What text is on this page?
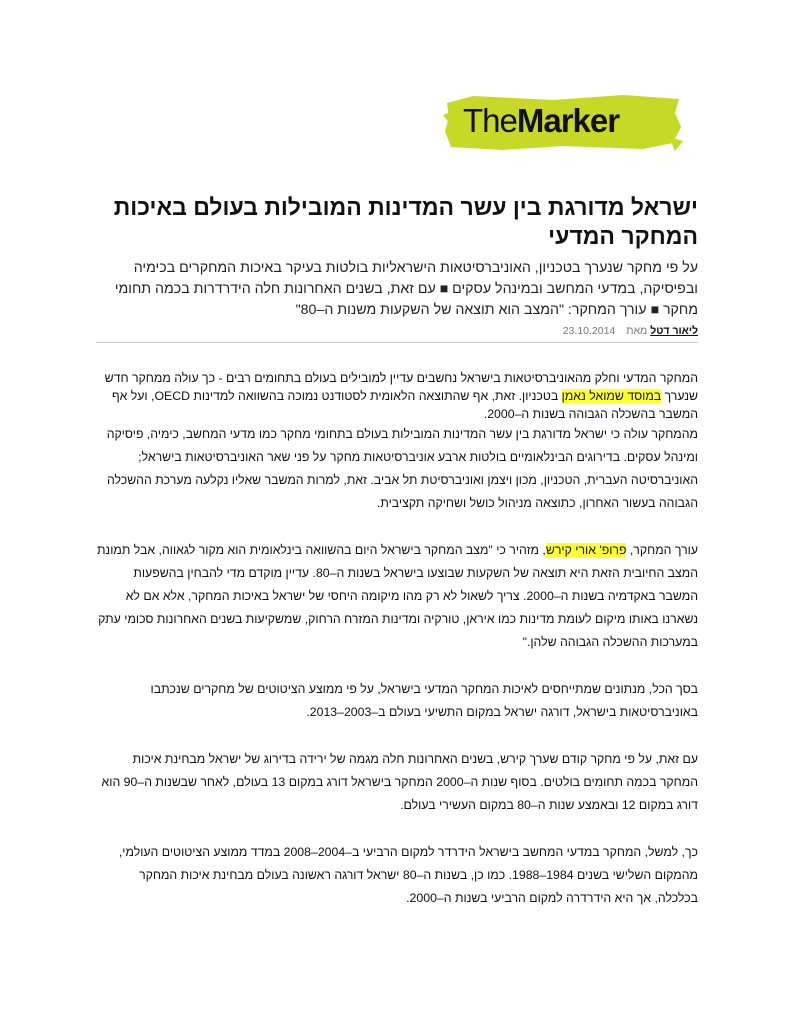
TheMarker
ישראל מדורגת בין עשר המדינות המובילות בעולם באיכות המחקר המדעי

על פי מחקר שנערך בטכניון, האוניברסיטאות הישראליות בולטות בעיקר באיכות המחקרים בכימיה ובפיסיקה, במדעי המחשב ובמינהל עסקים ■ עם זאת, בשנים האחרונות חלה הידרדרות בכמה תחומי מחקר ■ עורך המחקר: "המצב הוא תוצאה של השקעות משנות ה–80"

ליאור דטל מאת 23.10.2014

המחקר המדעי וחלק מהאוניברסיטאות בישראל נחשבים עדיין למובילים בעולם בתחומים רבים - כך עולה ממחקר חדש שנערך במוסד שמואל נאמן בטכניון. זאת, אף שהתוצאה הלאומית לסטודנט נמוכה בהשוואה למדינות OECD, ועל אף המשבר בהשכלה הגבוהה בשנות ה–2000.

מהמחקר עולה כי ישראל מדורגת בין עשר המדינות המובילות בעולם בתחומי מחקר כמו מדעי המחשב, כימיה, פיסיקה ומינהל עסקים. בדירוגים הבינלאומיים בולטות ארבע אוניברסיטאות מחקר על פני שאר האוניברסיטאות בישראל; האוניברסיטה העברית, הטכניון, מכון ויצמן ואוניברסיטת תל אביב. זאת, למרות המשבר שאליו נקלעה מערכת ההשכלה הגבוהה בעשור האחרון, כתוצאה מניהול כושל ושחיקה תקציבית.

עורך המחקר, פרופ' אורי קירש, מזהיר כי "מצב המחקר בישראל היום בהשוואה בינלאומית הוא מקור לגאווה, אבל תמונת המצב החיובית הזאת היא תוצאה של השקעות שבוצעו בישראל בשנות ה–80. עדיין מוקדם מדי להבחין בהשפעות המשבר באקדמיה בשנות ה–2000. צריך לשאול לא רק מהו מיקומה היחסי של ישראל באיכות המחקר, אלא אם לא נשארנו באותו מיקום לעומת מדינות כמו איראן, טורקיה ומדינות המזרח הרחוק, שמשקיעות בשנים האחרונות סכומי עתק במערכות ההשכלה הגבוהה שלהן."

בסך הכל, מנתונים שמתייחסים לאיכות המחקר המדעי בישראל, על פי ממוצע הציטוטים של מחקרים שנכתבו באוניברסיטאות בישראל, דורגה ישראל במקום התשיעי בעולם ב–2003–2013.

עם זאת, על פי מחקר קודם שערך קירש, בשנים האחרונות חלה מגמה של ירידה בדירוג של ישראל מבחינת איכות המחקר בכמה תחומים בולטים. בסוף שנות ה–2000 המחקר בישראל דורג במקום 13 בעולם, לאחר שבשנות ה–90 הוא דורג במקום 12 ובאמצע שנות ה–80 במקום העשירי בעולם.

כך, למשל, המחקר במדעי המחשב בישראל הידרדר למקום הרביעי ב–2004–2008 במדד ממוצע הציטוטים העולמי, מהמקום השלישי בשנים 1984–1988. כמו כן, בשנות ה–80 ישראל דורגה ראשונה בעולם מבחינת איכות המחקר בכלכלה, אך היא הידרדרה למקום הרביעי בשנות ה–2000.
